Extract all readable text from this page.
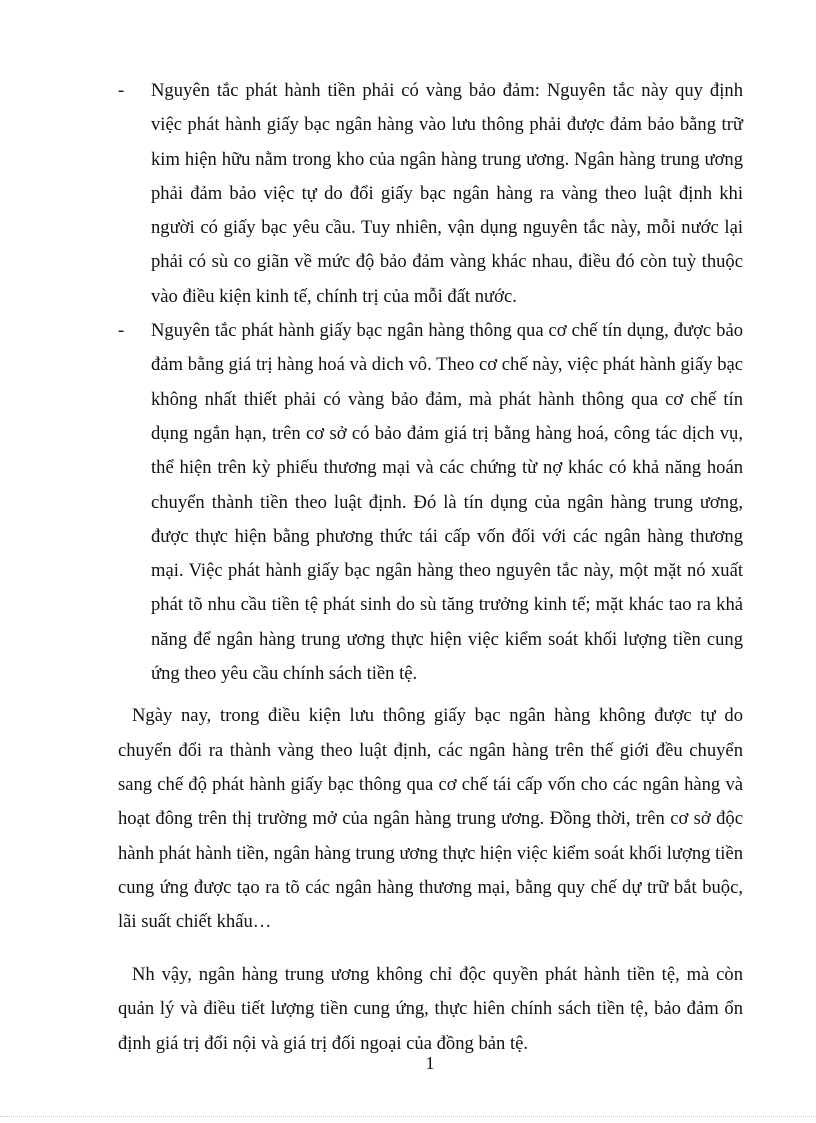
- Nguyên tắc phát hành tiền phải có vàng bảo đảm: Nguyên tắc này quy định việc phát hành giấy bạc ngân hàng vào lưu thông phải được đảm bảo bằng trữ kim hiện hữu nằm trong kho của ngân hàng trung ương. Ngân hàng trung ương phải đảm bảo việc tự do đổi giấy bạc ngân hàng ra vàng theo luật định khi người có giấy bạc yêu cầu. Tuy nhiên, vận dụng nguyên tắc này, mỗi nước lại phải có sù co giãn về mức độ bảo đảm vàng khác nhau, điều đó còn tuỳ thuộc vào điều kiện kinh tế, chính trị của mỗi đất nước.
- Nguyên tắc phát hành giấy bạc ngân hàng thông qua cơ chế tín dụng, được bảo đảm bằng giá trị hàng hoá và dich vô. Theo cơ chế này, việc phát hành giấy bạc không nhất thiết phải có vàng bảo đảm, mà phát hành thông qua cơ chế tín dụng ngắn hạn, trên cơ sở có bảo đảm giá trị bằng hàng hoá, công tác dịch vụ, thể hiện trên kỳ phiếu thương mại và các chứng từ nợ khác có khả năng hoán chuyển thành tiền theo luật định. Đó là tín dụng của ngân hàng trung ương, được thực hiện bằng phương thức tái cấp vốn đối với các ngân hàng thương mại. Việc phát hành giấy bạc ngân hàng theo nguyên tắc này, một mặt nó xuất phát tõ nhu cầu tiền tệ phát sinh do sù tăng trưởng kinh tế; mặt khác tao ra khả năng để ngân hàng trung ương thực hiện việc kiểm soát khối lượng tiền cung ứng theo yêu cầu chính sách tiền tệ.

Ngày nay, trong điều kiện lưu thông giấy bạc ngân hàng không được tự do chuyển đổi ra thành vàng theo luật định, các ngân hàng trên thế giới đều chuyển sang chế độ phát hành giấy bạc thông qua cơ chế tái cấp vốn cho các ngân hàng và hoạt đông trên thị trường mở của ngân hàng trung ương. Đồng thời, trên cơ sở độc hành phát hành tiền, ngân hàng trung ương thực hiện việc kiểm soát khối lượng tiền cung ứng được tạo ra tõ các ngân hàng thương mại, bằng quy chế dự trữ bắt buộc, lãi suất chiết khấu…

Nh vậy, ngân hàng trung ương không chỉ độc quyền phát hành tiền tệ, mà còn quản lý và điều tiết lượng tiền cung ứng, thực hiên chính sách tiền tệ, bảo đảm ổn định giá trị đối nội và giá trị đối ngoại của đồng bản tệ.

1
